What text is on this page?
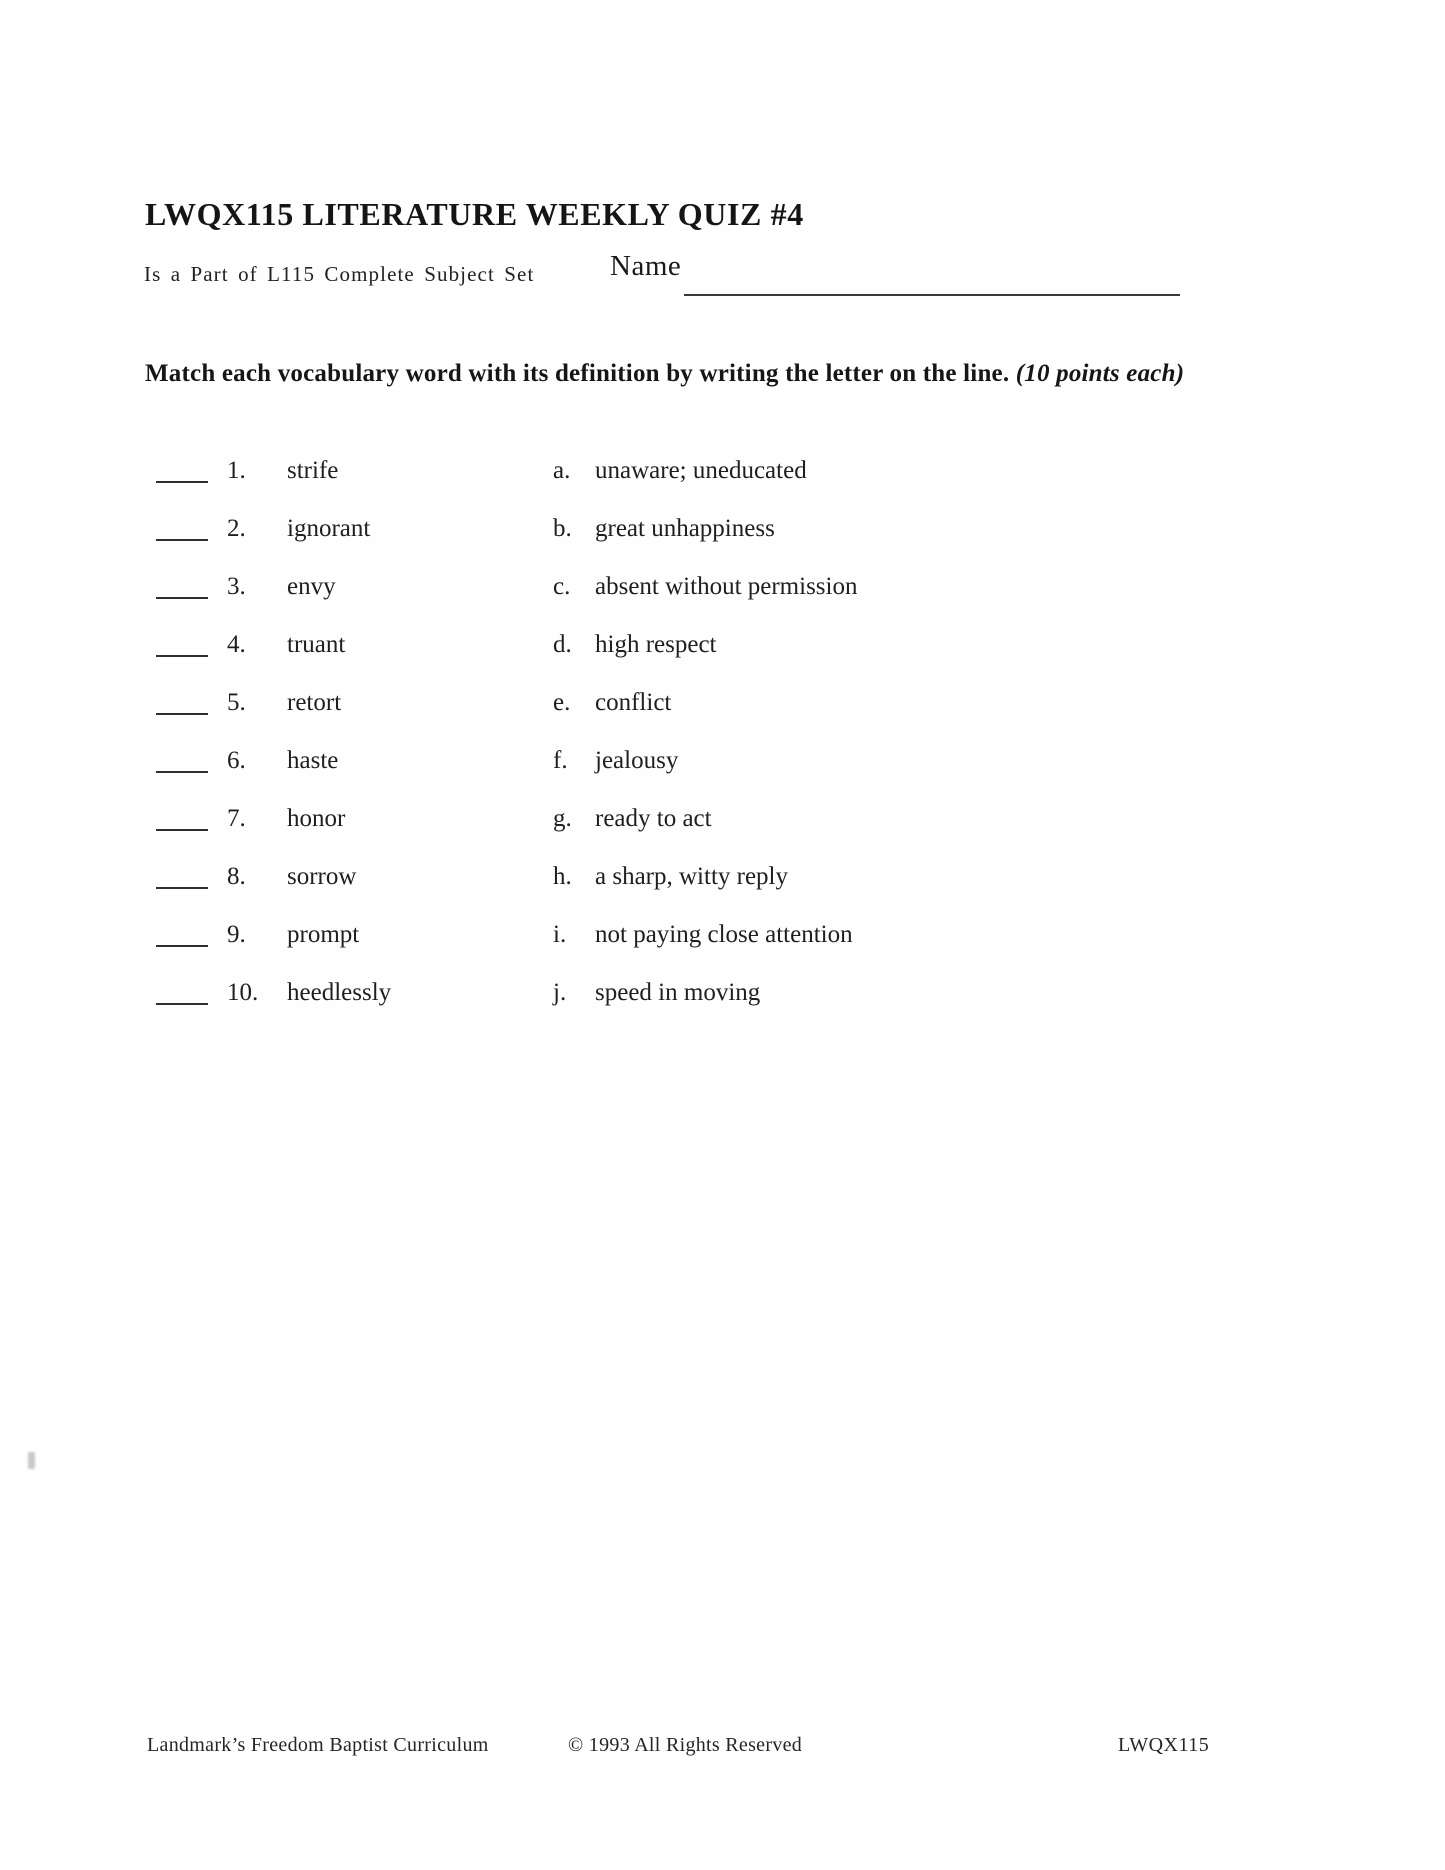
LWQX115 LITERATURE WEEKLY QUIZ #4
Is a Part of L115 Complete Subject Set	Name

Match each vocabulary word with its definition by writing the letter on the line. (10 points each)

1. strife	a. unaware; uneducated
2. ignorant	b. great unhappiness
3. envy	c. absent without permission
4. truant	d. high respect
5. retort	e. conflict
6. haste	f. jealousy
7. honor	g. ready to act
8. sorrow	h. a sharp, witty reply
9. prompt	i. not paying close attention
10. heedlessly	j. speed in moving
Landmark’s Freedom Baptist Curriculum	© 1993 All Rights Reserved	LWQX115
